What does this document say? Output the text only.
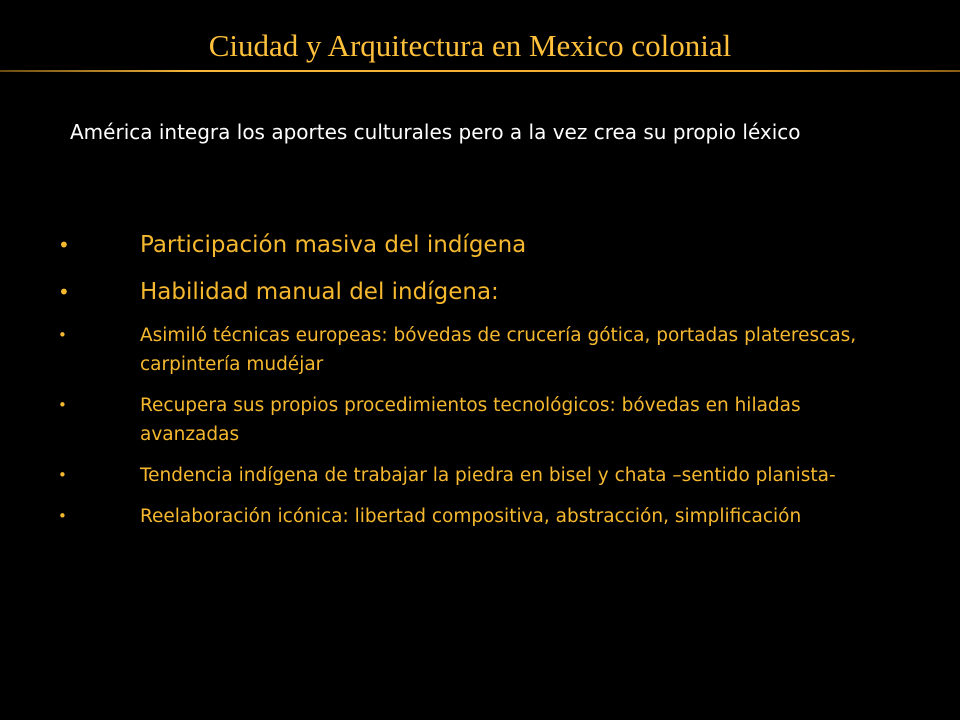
Ciudad y Arquitectura en Mexico colonial
América integra los aportes culturales pero a la vez crea su propio léxico
•	Participación masiva del indígena
•	Habilidad manual del indígena:
•	Asimiló técnicas europeas: bóvedas de crucería gótica, portadas platerescas, carpintería mudéjar
•	Recupera sus propios procedimientos tecnológicos: bóvedas en hiladas avanzadas
•	Tendencia indígena de trabajar la piedra en bisel y chata –sentido planista-
•	Reelaboración icónica: libertad compositiva, abstracción, simplificación
